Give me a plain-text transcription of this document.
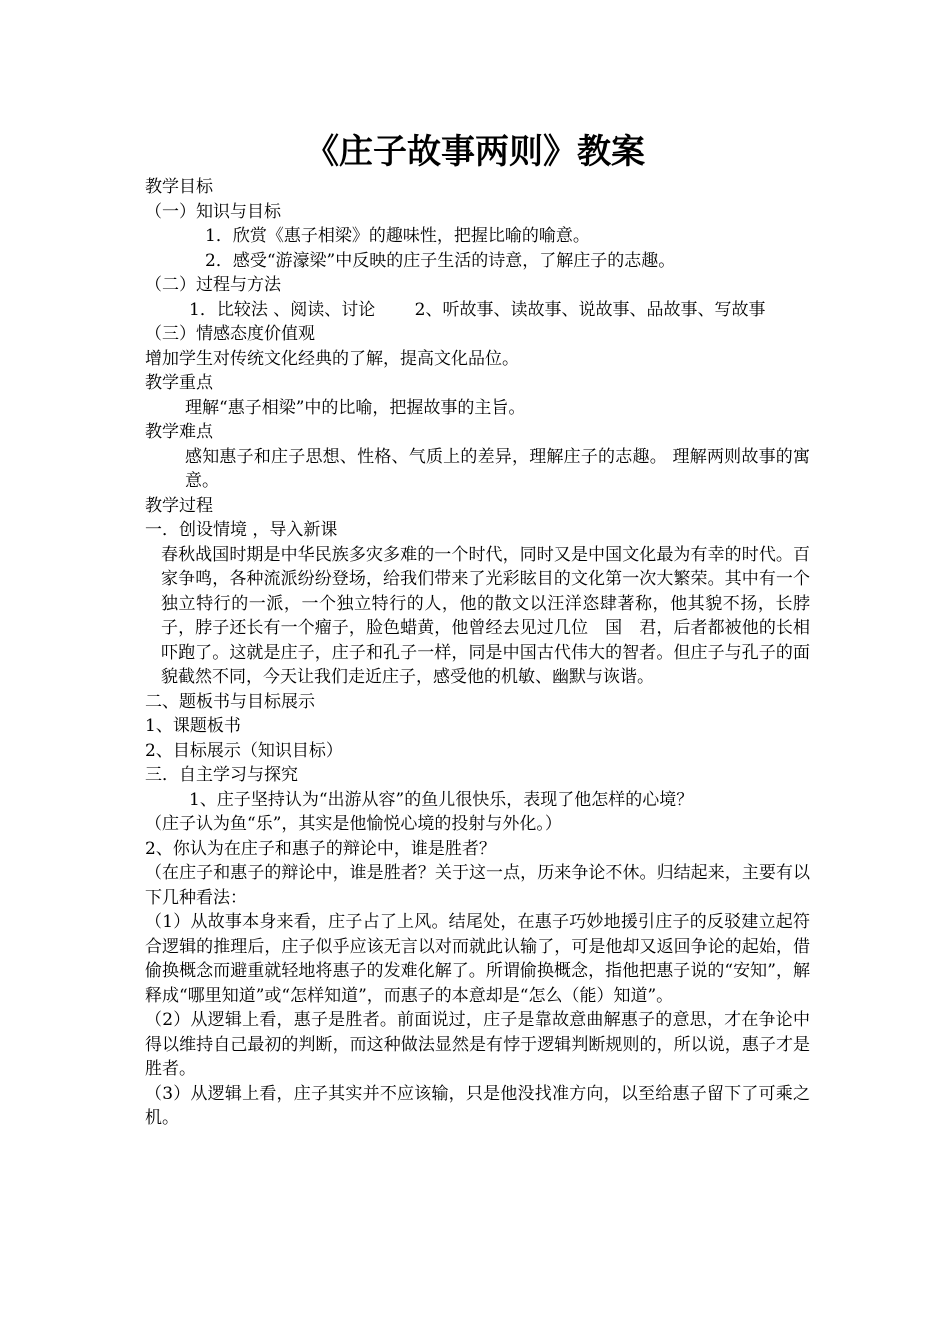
《庄子故事两则》教案

教学目标

（一）知识与目标

1．欣赏《惠子相梁》的趣味性，把握比喻的喻意。

2．感受“游濠梁”中反映的庄子生活的诗意，了解庄子的志趣。

（二）过程与方法

1．比较法 、阅读、讨论　　 2、听故事、读故事、说故事、品故事、写故事

（三）情感态度价值观

增加学生对传统文化经典的了解，提高文化品位。

教学重点

理解“惠子相梁”中的比喻，把握故事的主旨。

教学难点

感知惠子和庄子思想、性格、气质上的差异，理解庄子的志趣。 理解两则故事的寓意。

教学过程

一．创设情境 ，导入新课

春秋战国时期是中华民族多灾多难的一个时代，同时又是中国文化最为有幸的时代。百家争鸣，各种流派纷纷登场，给我们带来了光彩眩目的文化第一次大繁荣。其中有一个独立特行的一派，一个独立特行的人，他的散文以汪洋恣肆著称，他其貌不扬，长脖子，脖子还长有一个瘤子，脸色蜡黄，他曾经去见过几位　国　君，后者都被他的长相吓跑了。这就是庄子，庄子和孔子一样，同是中国古代伟大的智者。但庄子与孔子的面貌截然不同，今天让我们走近庄子，感受他的机敏、幽默与诙谐。

二、题板书与目标展示

1、课题板书

2、目标展示（知识目标）

三．自主学习与探究

1、庄子坚持认为“出游从容”的鱼儿很快乐，表现了他怎样的心境？

（庄子认为鱼“乐”，其实是他愉悦心境的投射与外化。）

2、你认为在庄子和惠子的辩论中，谁是胜者？

（在庄子和惠子的辩论中，谁是胜者？关于这一点，历来争论不休。归结起来，主要有以下几种看法：

（1）从故事本身来看，庄子占了上风。结尾处，在惠子巧妙地援引庄子的反驳建立起符合逻辑的推理后，庄子似乎应该无言以对而就此认输了，可是他却又返回争论的起始，借偷换概念而避重就轻地将惠子的发难化解了。所谓偷换概念，指他把惠子说的“安知”，解释成“哪里知道”或“怎样知道”，而惠子的本意却是“怎么（能）知道”。

（2）从逻辑上看，惠子是胜者。前面说过，庄子是靠故意曲解惠子的意思，才在争论中得以维持自己最初的判断，而这种做法显然是有悖于逻辑判断规则的，所以说，惠子才是胜者。

（3）从逻辑上看，庄子其实并不应该输，只是他没找准方向，以至给惠子留下了可乘之机。
